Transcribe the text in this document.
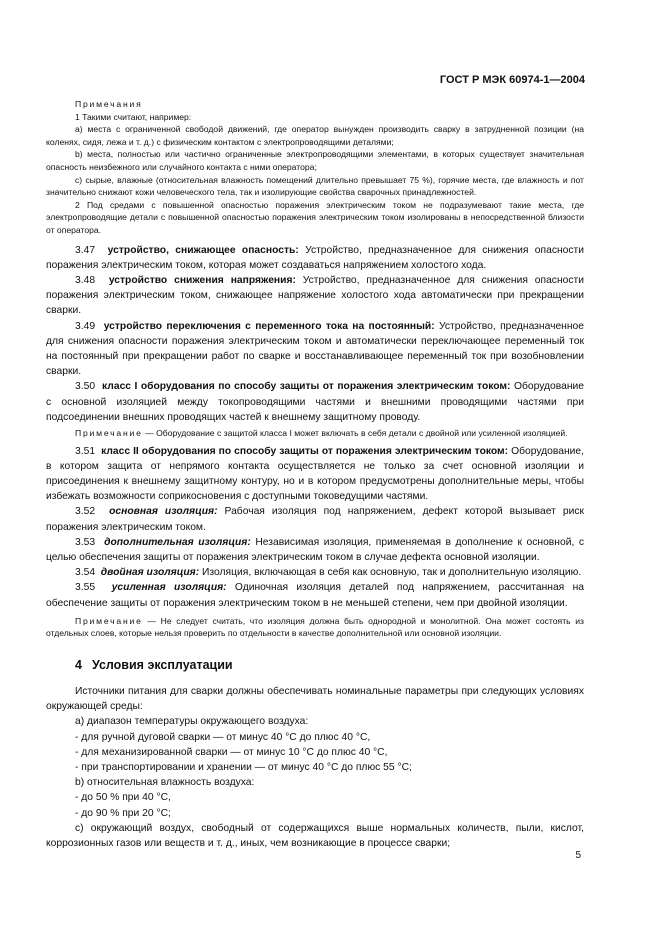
ГОСТ Р МЭК 60974-1—2004

Примечания

1 Такими считают, например:

а) места с ограниченной свободой движений, где оператор вынужден производить сварку в затрудненной позиции (на коленях, сидя, лежа и т. д.) с физическим контактом с электропроводящими деталями;

b) места, полностью или частично ограниченные электропроводящими элементами, в которых существует значительная опасность неизбежного или случайного контакта с ними оператора;

с) сырые, влажные (относительная влажность помещений длительно превышает 75 %), горячие места, где влажность и пот значительно снижают кожи человеческого тела, так и изолирующие свойства сварочных принадлежностей.

2 Под средами с повышенной опасностью поражения электрическим током не подразумевают такие места, где электропроводящие детали с повышенной опасностью поражения электрическим током изолированы в непосредственной близости от оператора.

3.47 устройство, снижающее опасность: Устройство, предназначенное для снижения опасности поражения электрическим током, которая может создаваться напряжением холостого хода.

3.48 устройство снижения напряжения: Устройство, предназначенное для снижения опасности поражения электрическим током, снижающее напряжение холостого хода автоматически при прекращении сварки.

3.49 устройство переключения с переменного тока на постоянный: Устройство, предназначенное для снижения опасности поражения электрическим током и автоматически переключающее переменный ток на постоянный при прекращении работ по сварке и восстанавливающее переменный ток при возобновлении сварки.

3.50 класс I оборудования по способу защиты от поражения электрическим током: Оборудование с основной изоляцией между токопроводящими частями и внешними проводящими частями при подсоединении внешних проводящих частей к внешнему защитному проводу.

Примечание — Оборудование с защитой класса I может включать в себя детали с двойной или усиленной изоляцией.

3.51 класс II оборудования по способу защиты от поражения электрическим током: Оборудование, в котором защита от непрямого контакта осуществляется не только за счет основной изоляции и присоединения к внешнему защитному контуру, но и в котором предусмотрены дополнительные меры, чтобы избежать возможности соприкосновения с доступными токоведущими частями.

3.52 основная изоляция: Рабочая изоляция под напряжением, дефект которой вызывает риск поражения электрическим током.

3.53 дополнительная изоляция: Независимая изоляция, применяемая в дополнение к основной, с целью обеспечения защиты от поражения электрическим током в случае дефекта основной изоляции.

3.54 двойная изоляция: Изоляция, включающая в себя как основную, так и дополнительную изоляцию.

3.55 усиленная изоляция: Одиночная изоляция деталей под напряжением, рассчитанная на обеспечение защиты от поражения электрическим током в не меньшей степени, чем при двойной изоляции.

Примечание — Не следует считать, что изоляция должна быть однородной и монолитной. Она может состоять из отдельных слоев, которые нельзя проверить по отдельности в качестве дополнительной или основной изоляции.

4 Условия эксплуатации

Источники питания для сварки должны обеспечивать номинальные параметры при следующих условиях окружающей среды:

а) диапазон температуры окружающего воздуха:

- для ручной дуговой сварки — от минус 40 °С до плюс 40 °С,

- для механизированной сварки — от минус 10 °С до плюс 40 °С,

- при транспортировании и хранении — от минус 40 °С до плюс 55 °С;

b) относительная влажность воздуха:

- до 50 % при 40 °С,

- до 90 % при 20 °С;

с) окружающий воздух, свободный от содержащихся выше нормальных количеств, пыли, кислот, коррозионных газов или веществ и т. д., иных, чем возникающие в процессе сварки;

5
